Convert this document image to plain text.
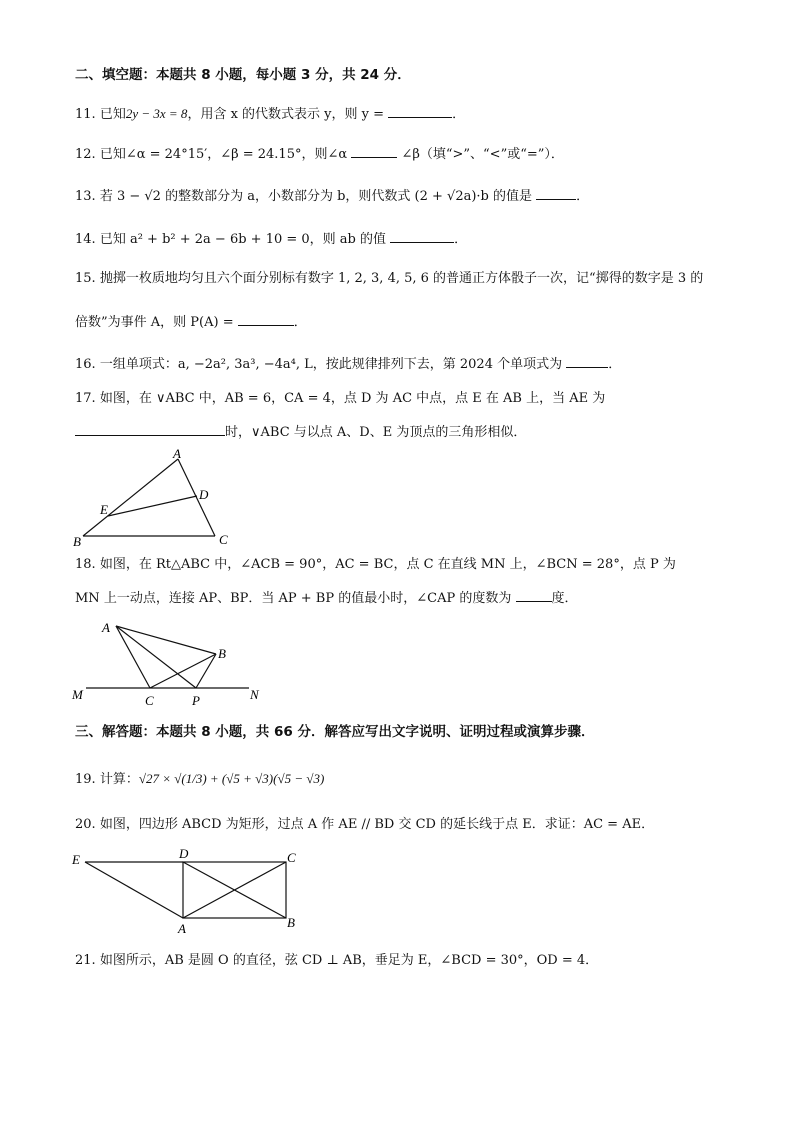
二、填空题：本题共 8 小题，每小题 3 分，共 24 分．
11. 已知2y − 3x = 8，用含 x 的代数式表示 y，则 y =	．
12. 已知∠α = 24°15′，∠β = 24.15°，则∠α	∠β（填“>”、“<”或“=”）．
13. 若 3 − √2 的整数部分为 a，小数部分为 b，则代数式 (2 + √2a)·b 的值是	．
14. 已知 a² + b² + 2a − 6b + 10 = 0，则 ab 的值	．
15. 抛掷一枚质地均匀且六个面分别标有数字 1, 2, 3, 4, 5, 6 的普通正方体骰子一次，记“掷得的数字是 3 的
倍数”为事件 A，则 P(A) =	．
16. 一组单项式：a, −2a², 3a³, −4a⁴, L，按此规律排列下去，第 2024 个单项式为	．
17. 如图，在 ∨ABC 中，AB = 6，CA = 4，点 D 为 AC 中点，点 E 在 AB 上，当 AE 为
时，∨ABC 与以点 A、D、E 为顶点的三角形相似．
A
B	C
D
E
18. 如图，在 Rt△ABC 中，∠ACB = 90°，AC = BC，点 C 在直线 MN 上，∠BCN = 28°，点 P 为
MN 上一动点，连接 AP、BP．当 AP + BP 的值最小时，∠CAP 的度数为	度．
A
B
C	P
M	N
三、解答题：本题共 8 小题，共 66 分．解答应写出文字说明、证明过程或演算步骤．
19. 计算：√27 × √(1/3) + (√5 + √3)(√5 − √3)
20. 如图，四边形 ABCD 为矩形，过点 A 作 AE // BD 交 CD 的延长线于点 E．求证：AC = AE．
E	D	C
B
A
21. 如图所示，AB 是圆 O 的直径，弦 CD ⊥ AB，垂足为 E，∠BCD = 30°，OD = 4．
